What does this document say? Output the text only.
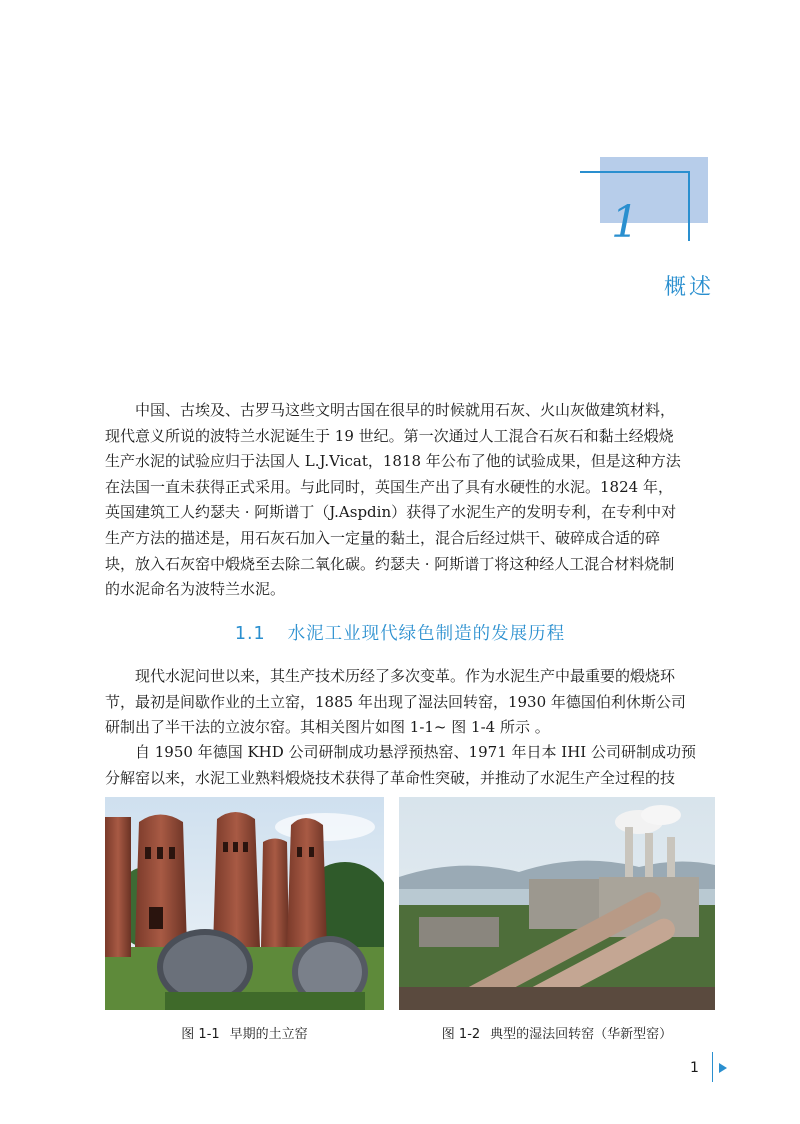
1
概述
　　中国、古埃及、古罗马这些文明古国在很早的时候就用石灰、火山灰做建筑材料，
现代意义所说的波特兰水泥诞生于 19 世纪。第一次通过人工混合石灰石和黏土经煅烧
生产水泥的试验应归于法国人 L.J.Vicat，1818 年公布了他的试验成果，但是这种方法
在法国一直未获得正式采用。与此同时，英国生产出了具有水硬性的水泥。1824 年，
英国建筑工人约瑟夫 · 阿斯谱丁（J.Aspdin）获得了水泥生产的发明专利，在专利中对
生产方法的描述是，用石灰石加入一定量的黏土，混合后经过烘干、破碎成合适的碎
块，放入石灰窑中煅烧至去除二氧化碳。约瑟夫 · 阿斯谱丁将这种经人工混合材料烧制
的水泥命名为波特兰水泥。
1.1 水泥工业现代绿色制造的发展历程
　　现代水泥问世以来，其生产技术历经了多次变革。作为水泥生产中最重要的煅烧环
节，最初是间歇作业的土立窑，1885 年出现了湿法回转窑，1930 年德国伯利休斯公司
研制出了半干法的立波尔窑。其相关图片如图 1-1~ 图 1-4 所示 。
　　自 1950 年德国 KHD 公司研制成功悬浮预热窑、1971 年日本 IHI 公司研制成功预
分解窑以来，水泥工业熟料煅烧技术获得了革命性突破，并推动了水泥生产全过程的技
图 1-1 早期的土立窑	图 1-2 典型的湿法回转窑（华新型窑）
1
